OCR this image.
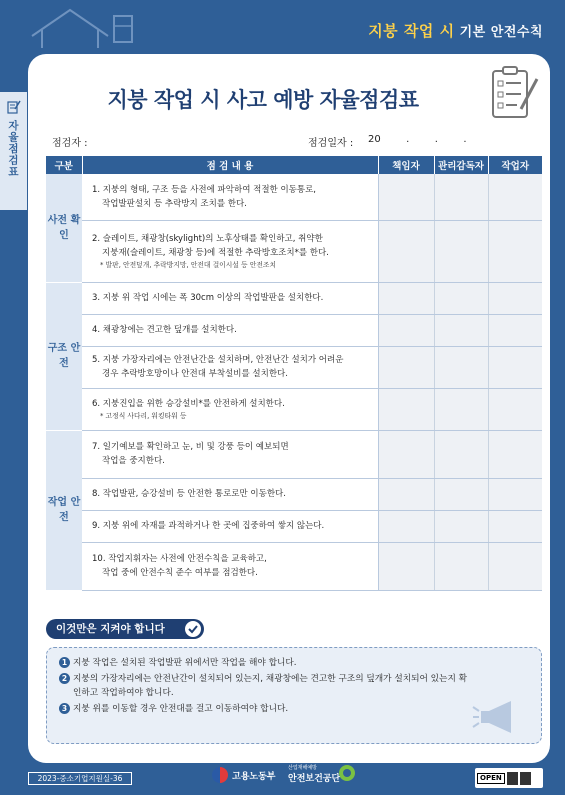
지붕 작업 시 기본 안전수칙
자율점검표
지붕 작업 시 사고 예방 자율점검표
점검자 :	점검일자 : 20        .        .        .
구분	점 검 내 용	책임자	관리감독자	작업자
사전 확인	1. 지붕의 형태, 구조 등을 사전에 파악하여 적절한 이동통로,
작업발판설치 등 추락방지 조치를 한다.			

	2. 슬레이트, 채광창(skylight)의 노후상태를 확인하고, 취약한
지붕재(슬레이트, 채광창 등)에 적절한 추락방호조치*를 한다.
* 발판, 안전덮개, 추락방지망, 안전대 걸이시설 등 안전조치			

구조 안전	3. 지붕 위 작업 시에는 폭 30cm 이상의 작업발판을 설치한다.			
	4. 채광창에는 견고한 덮개를 설치한다.			
	5. 지붕 가장자리에는 안전난간을 설치하며, 안전난간 설치가 어려운
경우 추락방호망이나 안전대 부착설비를 설치한다.			

	6. 지붕진입을 위한 승강설비*를 안전하게 설치한다.
* 고정식 사다리, 워킹타워 등			

작업 안전	7. 일기예보를 확인하고 눈, 비 및 강풍 등이 예보되면
작업을 중지한다.			

	8. 작업발판, 승강설비 등 안전한 통로로만 이동한다.			
	9. 지붕 위에 자재를 과적하거나 한 곳에 집중하여 쌓지 않는다.			
	10. 작업지휘자는 사전에 안전수칙을 교육하고,
작업 중에 안전수칙 준수 여부를 점검한다.			

이것만은 지켜야 합니다

1 지붕 작업은 설치된 작업발판 위에서만 작업을 해야 합니다.

2 지붕의 가장자리에는 안전난간이 설치되어 있는지, 채광창에는 견고한 구조의 덮개가 설치되어 있는지 확인하고 작업하여야 합니다.

3 지붕 위를 이동할 경우 안전대를 걸고 이동하여야 합니다.

2023-중소기업지원실-36	고용노동부
산업재해예방
안전보건공단	OPEN
